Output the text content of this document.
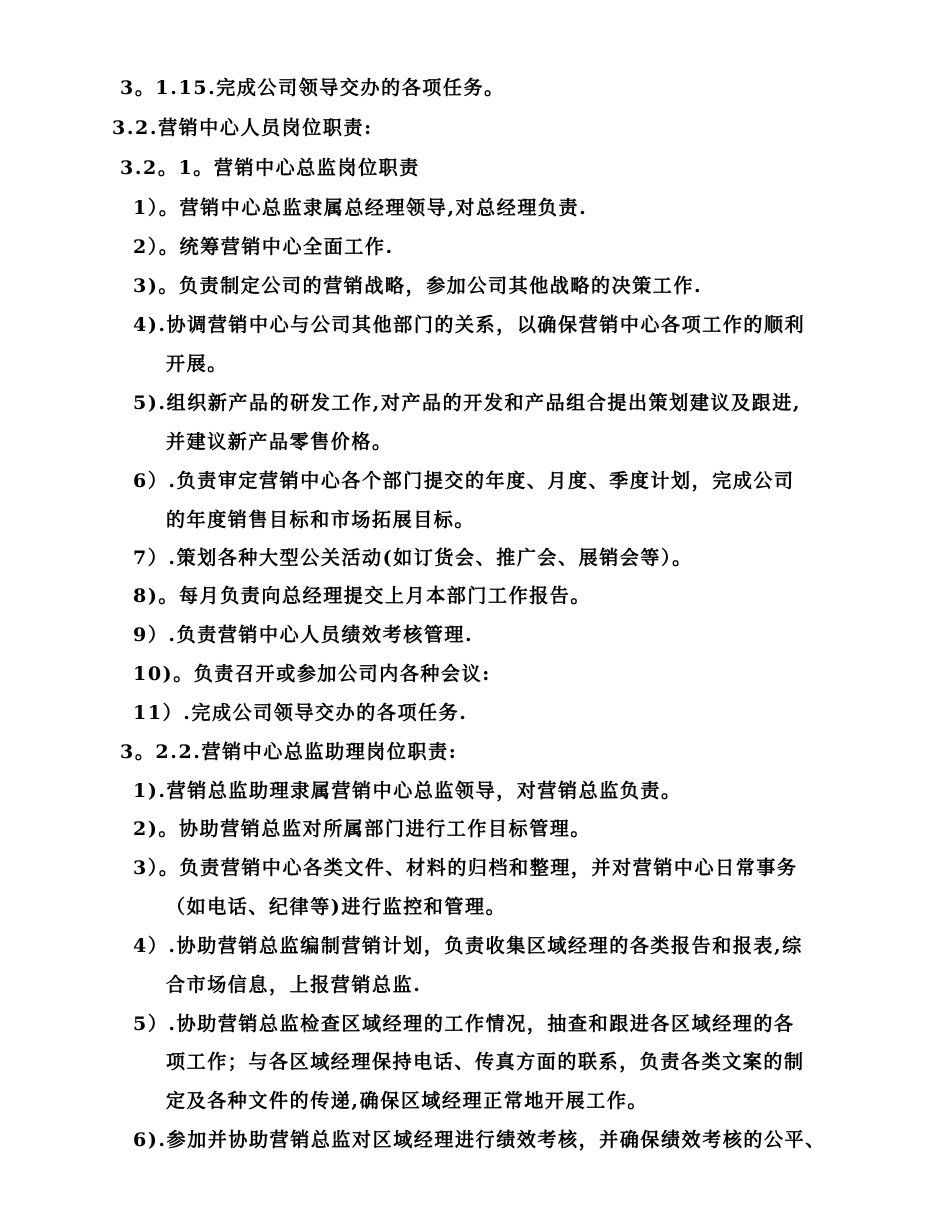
3。1.15.完成公司领导交办的各项任务。
3.2.营销中心人员岗位职责:
3.2。1。营销中心总监岗位职责
1）。营销中心总监隶属总经理领导,对总经理负责.
2）。统筹营销中心全面工作.
3)。负责制定公司的营销战略，参加公司其他战略的决策工作.
4).协调营销中心与公司其他部门的关系，以确保营销中心各项工作的顺利
开展。
5).组织新产品的研发工作,对产品的开发和产品组合提出策划建议及跟进,
并建议新产品零售价格。
6）.负责审定营销中心各个部门提交的年度、月度、季度计划，完成公司
的年度销售目标和市场拓展目标。
7）.策划各种大型公关活动(如订货会、推广会、展销会等）。
8)。每月负责向总经理提交上月本部门工作报告。
9）.负责营销中心人员绩效考核管理.
10)。负责召开或参加公司内各种会议:
11）.完成公司领导交办的各项任务.
3。2.2.营销中心总监助理岗位职责:
1).营销总监助理隶属营销中心总监领导，对营销总监负责。
2)。协助营销总监对所属部门进行工作目标管理。
3）。负责营销中心各类文件、材料的归档和整理，并对营销中心日常事务
（如电话、纪律等)进行监控和管理。
4）.协助营销总监编制营销计划，负责收集区域经理的各类报告和报表,综
合市场信息，上报营销总监.
5）.协助营销总监检查区域经理的工作情况，抽查和跟进各区域经理的各
项工作；与各区域经理保持电话、传真方面的联系，负责各类文案的制
定及各种文件的传递,确保区域经理正常地开展工作。
6).参加并协助营销总监对区域经理进行绩效考核，并确保绩效考核的公平、
